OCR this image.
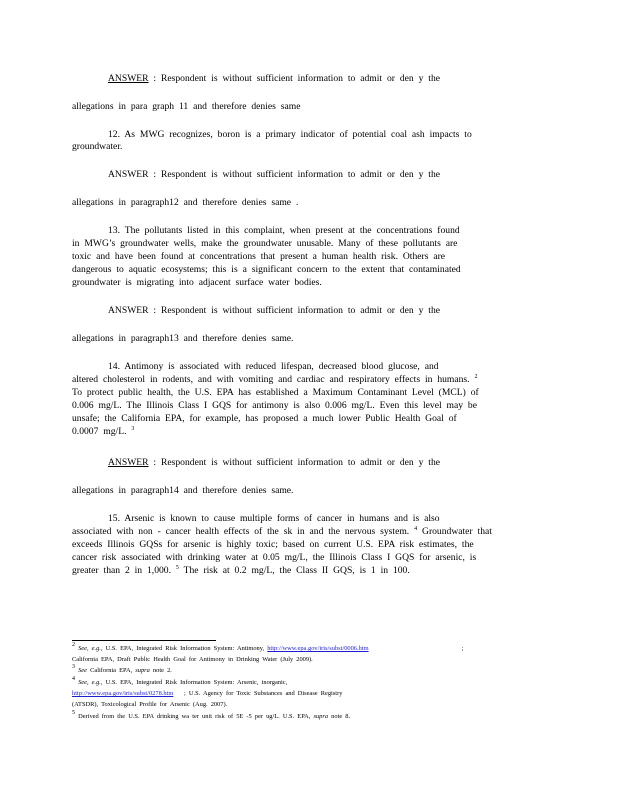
ANSWER : Respondent is without sufficient information to admit or den y the
allegations in para graph 11 and therefore denies same
12. As MWG recognizes, boron is a primary indicator of potential coal ash impacts to
groundwater.
ANSWER : Respondent is without sufficient information to admit or den y the
allegations in paragraph12 and therefore denies same .
13. The pollutants listed in this complaint, when present at the concentrations found
in MWG’s groundwater wells, make the groundwater unusable. Many of these pollutants are
toxic and have been found at concentrations that present a human health risk. Others are
dangerous to aquatic ecosystems; this is a significant concern to the extent that contaminated
groundwater is migrating into adjacent surface water bodies.
ANSWER : Respondent is without sufficient information to admit or den y the
allegations in paragraph13 and therefore denies same.
14. Antimony is associated with reduced lifespan, decreased blood glucose, and
altered cholesterol in rodents, and with vomiting and cardiac and respiratory effects in humans. $^2$
To protect public health, the U.S. EPA has established a Maximum Contaminant Level (MCL) of
0.006 mg/L. The Illinois Class I GQS for antimony is also 0.006 mg/L. Even this level may be
unsafe; the California EPA, for example, has proposed a much lower Public Health Goal of
0.0007 mg/L. $^3$
ANSWER : Respondent is without sufficient information to admit or den y the
allegations in paragraph14 and therefore denies same.
15. Arsenic is known to cause multiple forms of cancer in humans and is also
associated with non - cancer health effects of the sk in and the nervous system. $^4$ Groundwater that
exceeds Illinois GQSs for arsenic is highly toxic; based on current U.S. EPA risk estimates, the
cancer risk associated with drinking water at 0.05 mg/L, the Illinois Class I GQS for arsenic, is
greater than 2 in 1,000. $^5$ The risk at 0.2 mg/L, the Class II GQS, is 1 in 100.
$^2$ See, e.g., U.S. EPA, Integrated Risk Information System: Antimony, http://www.epa.gov/iris/subst/0006.htm	;
California EPA, Draft Public Health Goal for Antimony in Drinking Water (July 2009).
$^3$ See California EPA, supra note 2.
$^4$ See, e.g., U.S. EPA, Integrated Risk Information System: Arsenic, inorganic,
http://www.epa.gov/iris/subst/0278.htm ; U.S. Agency for Toxic Substances and Disease Registry
(ATSDR), Toxicological Profile for Arsenic (Aug. 2007).
$^5$ Derived from the U.S. EPA drinking wa ter unit risk of 5E -5 per ug/L. U.S. EPA, supra note 8.
